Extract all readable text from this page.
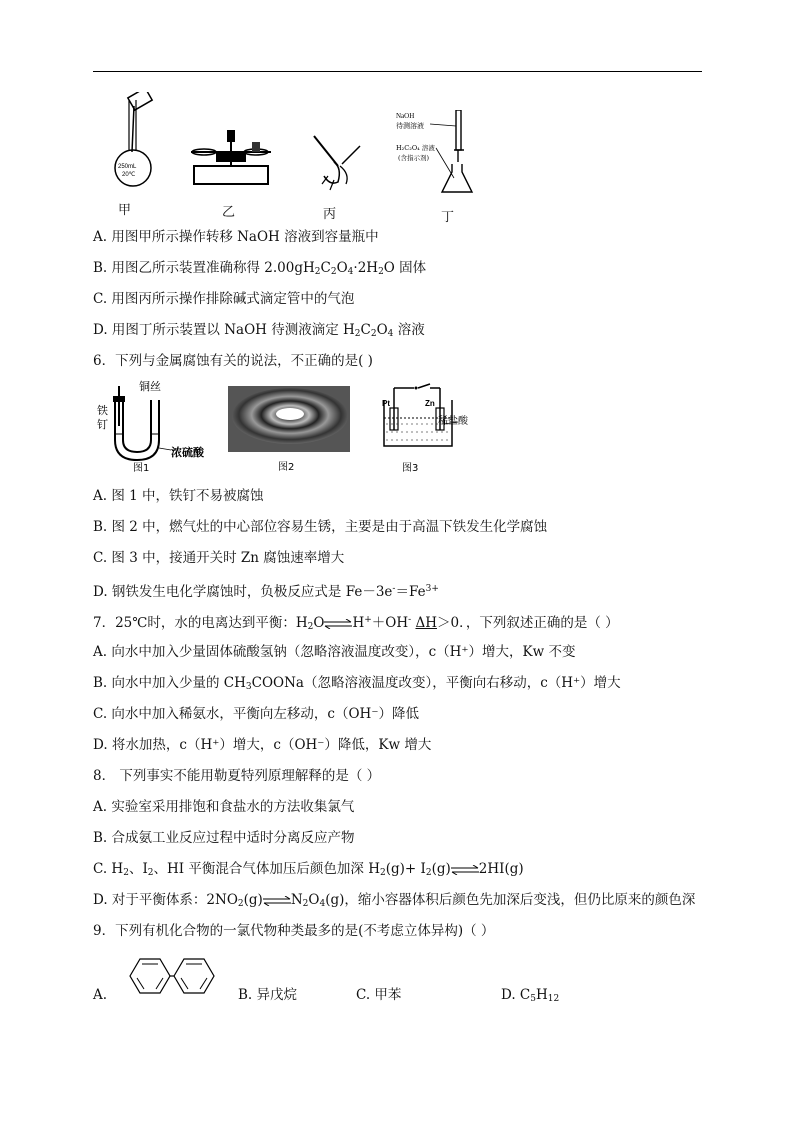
250mL
20℃
甲	乙	丙
NaOH
待测溶液
H₂C₂O₄ 溶液
(含指示剂)
丁
A. 用图甲所示操作转移 NaOH 溶液到容量瓶中
B. 用图乙所示装置准确称得 $2.00gH_2C_2O_4\cdot 2H_2O$ 固体
C. 用图丙所示操作排除碱式滴定管中的气泡
D. 用图丁所示装置以 NaOH 待测液滴定 $H_2C_2O_4$ 溶液
6．下列与金属腐蚀有关的说法，不正确的是( )
铜丝
铁
钉
浓硫酸
图1	图2
Pt	Zn
稀盐酸
图3
A. 图 1 中，铁钉不易被腐蚀
B. 图 2 中，燃气灶的中心部位容易生锈，主要是由于高温下铁发生化学腐蚀
C. 图 3 中，接通开关时 Zn 腐蚀速率增大
D. 钢铁发生电化学腐蚀时，负极反应式是 $Fe-3e^-=Fe^{3+}$
7．25℃时，水的电离达到平衡：$H_2O\rightleftharpoons H^++OH^-$ ΔH＞0．，下列叙述正确的是（ ）
A. 向水中加入少量固体硫酸氢钠（忽略溶液温度改变），c（H⁺）增大，Kw 不变
B. 向水中加入少量的 $CH_3COONa$（忽略溶液温度改变），平衡向右移动，c（H⁺）增大
C. 向水中加入稀氨水，平衡向左移动，c（OH⁻）降低
D. 将水加热，c（H⁺）增大，c（OH⁻）降低，Kw 增大
8． 下列事实不能用勒夏特列原理解释的是（ ）
A. 实验室采用排饱和食盐水的方法收集氯气
B. 合成氨工业反应过程中适时分离反应产物
C. $H_2$、$I_2$、HI 平衡混合气体加压后颜色加深 $H_2(g)+$ $I_2(g)\rightleftharpoons 2HI(g)$
D. 对于平衡体系：$2NO_2(g)\rightleftharpoons N_2O_4(g)$，缩小容器体积后颜色先加深后变浅，但仍比原来的颜色深
9．下列有机化合物的一氯代物种类最多的是(不考虑立体异构)（ ）
A.	B. 异戊烷	C. 甲苯	D. $C_5H_{12}$
